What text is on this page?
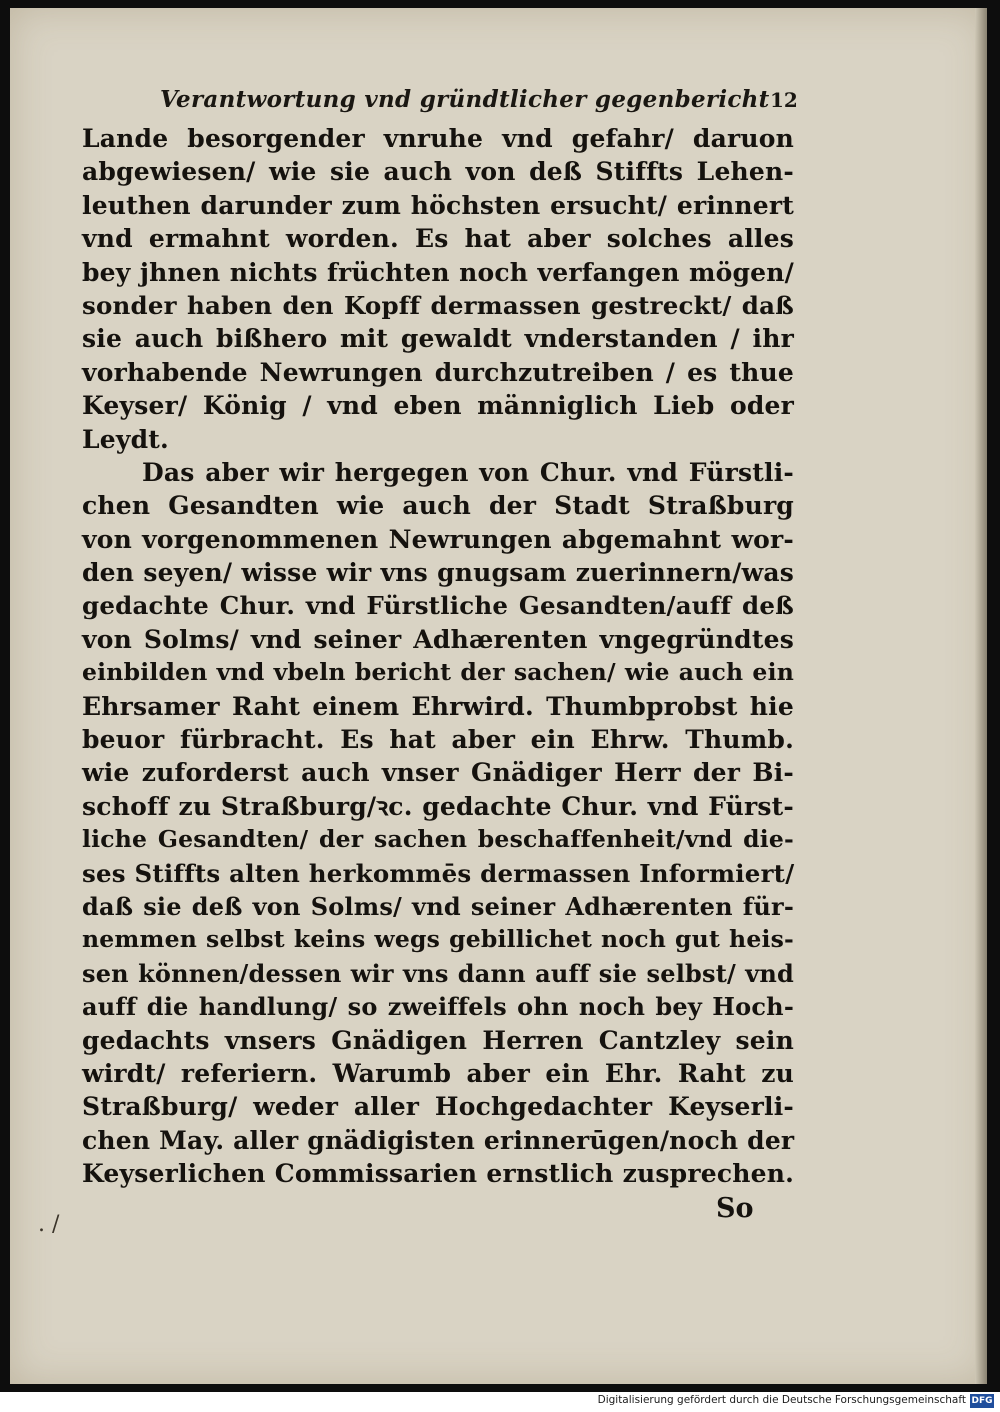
Verantwortung vnd gründtlicher gegenbericht 12
Lande besorgender vnruhe vnd gefahr/ daruon
abgewiesen/ wie sie auch von deß Stiffts Lehen-
leuthen darunder zum höchsten ersucht/ erinnert
vnd ermahnt worden. Es hat aber solches alles
bey jhnen nichts früchten noch verfangen mögen/
sonder haben den Kopff dermassen gestreckt/ daß
sie auch bißhero mit gewaldt vnderstanden / ihr
vorhabende Newrungen durchzutreiben / es thue
Keyser/ König / vnd eben männiglich Lieb oder
Leydt.
Das aber wir hergegen von Chur. vnd Fürstli-
chen Gesandten wie auch der Stadt Straßburg
von vorgenommenen Newrungen abgemahnt wor-
den seyen/ wisse wir vns gnugsam zuerinnern/was
gedachte Chur. vnd Fürstliche Gesandten/auff deß
von Solms/ vnd seiner Adhærenten vngegründtes
einbilden vnd vbeln bericht der sachen/ wie auch ein
Ehrsamer Raht einem Ehrwird. Thumbprobst hie
beuor fürbracht. Es hat aber ein Ehrw. Thumb.
wie zuforderst auch vnser Gnädiger Herr der Bi-
schoff zu Straßburg/ꝛc. gedachte Chur. vnd Fürst-
liche Gesandten/ der sachen beschaffenheit/vnd die-
ses Stiffts alten herkommēs dermassen Informiert/
daß sie deß von Solms/ vnd seiner Adhærenten für-
nemmen selbst keins wegs gebillichet noch gut heis-
sen können/dessen wir vns dann auff sie selbst/ vnd
auff die handlung/ so zweiffels ohn noch bey Hoch-
gedachts vnsers Gnädigen Herren Cantzley sein
wirdt/ referiern. Warumb aber ein Ehr. Raht zu
Straßburg/ weder aller Hochgedachter Keyserli-
chen May. aller gnädigisten erinnerūgen/noch der
Keyserlichen Commissarien ernstlich zusprechen.
So
. /
Digitalisierung gefördert durch die Deutsche Forschungsgemeinschaft DFG
